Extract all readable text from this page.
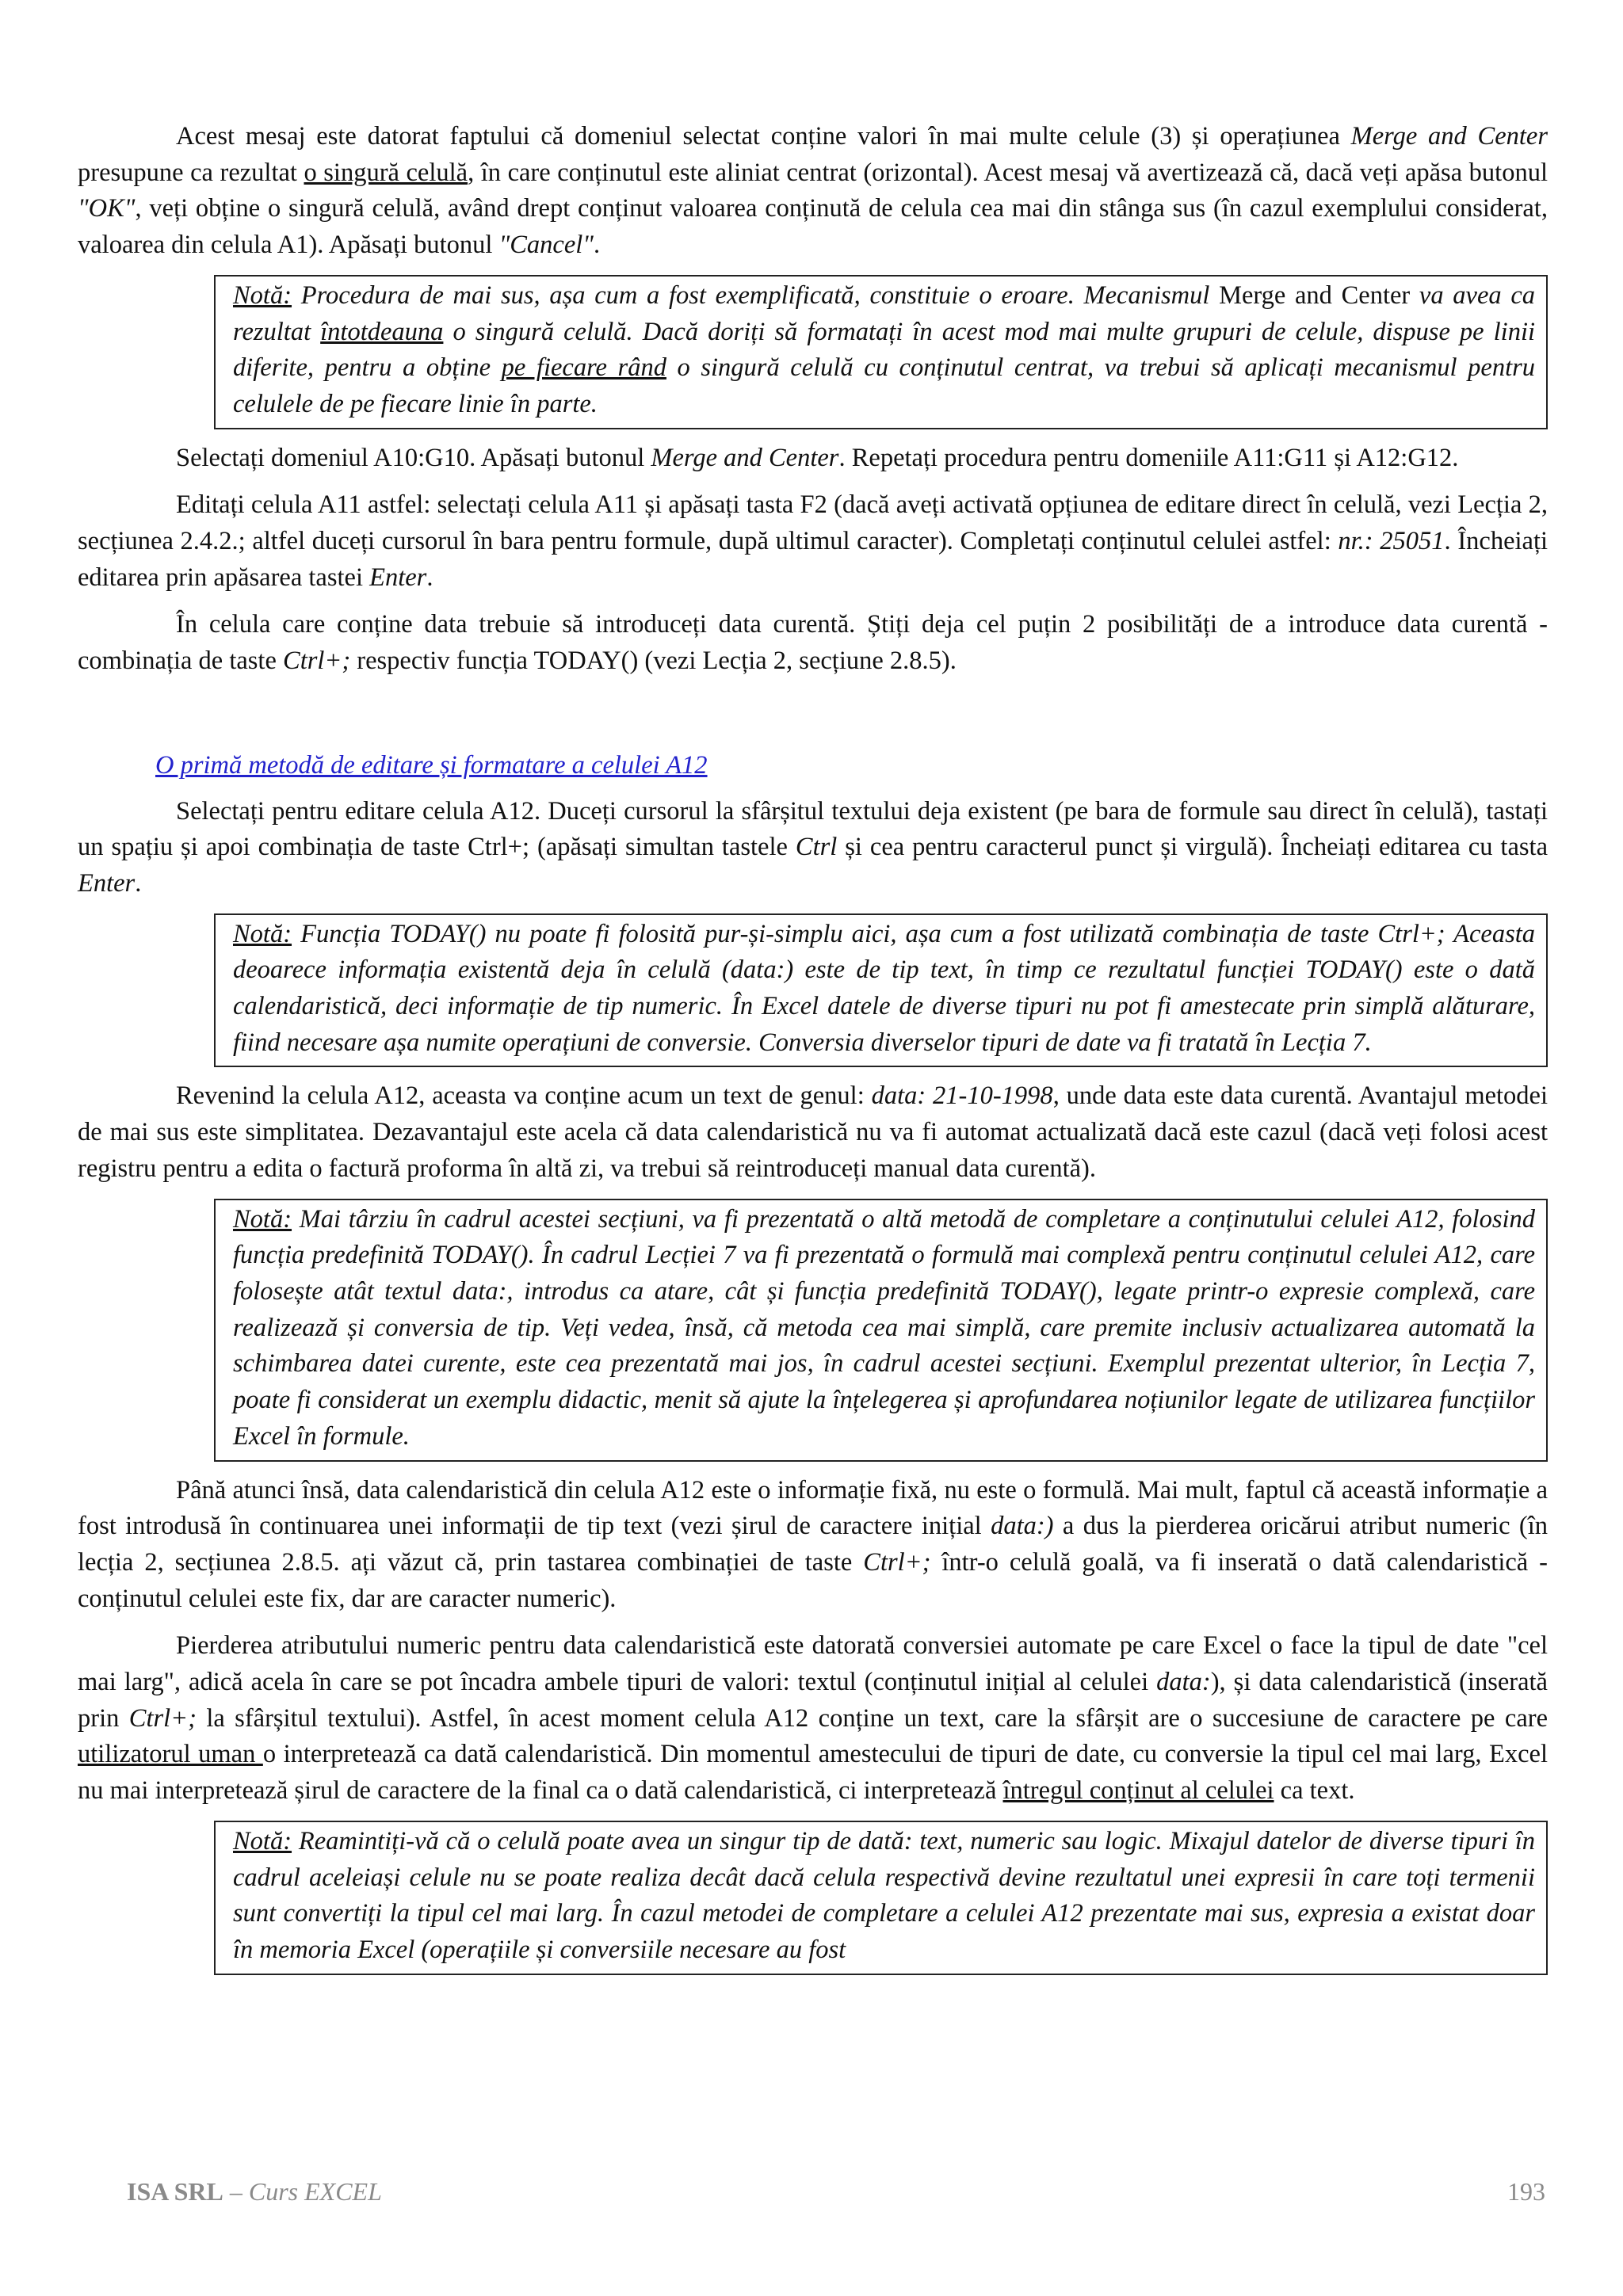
Acest mesaj este datorat faptului că domeniul selectat conține valori în mai multe celule (3) și operațiunea Merge and Center presupune ca rezultat o singură celulă, în care conținutul este aliniat centrat (orizontal). Acest mesaj vă avertizează că, dacă veți apăsa butonul "OK", veți obține o singură celulă, având drept conținut valoarea conținută de celula cea mai din stânga sus (în cazul exemplului considerat, valoarea din celula A1). Apăsați butonul "Cancel".

Notă: Procedura de mai sus, așa cum a fost exemplificată, constituie o eroare. Mecanismul Merge and Center va avea ca rezultat întotdeauna o singură celulă. Dacă doriți să formatați în acest mod mai multe grupuri de celule, dispuse pe linii diferite, pentru a obține pe fiecare rând o singură celulă cu conținutul centrat, va trebui să aplicați mecanismul pentru celulele de pe fiecare linie în parte.

Selectați domeniul A10:G10. Apăsați butonul Merge and Center. Repetați procedura pentru domeniile A11:G11 și A12:G12.

Editați celula A11 astfel: selectați celula A11 și apăsați tasta F2 (dacă aveți activată opțiunea de editare direct în celulă, vezi Lecția 2, secțiunea 2.4.2.; altfel duceți cursorul în bara pentru formule, după ultimul caracter). Completați conținutul celulei astfel: nr.: 25051. Încheiați editarea prin apăsarea tastei Enter.

În celula care conține data trebuie să introduceți data curentă. Știți deja cel puțin 2 posibilități de a introduce data curentă - combinația de taste Ctrl+; respectiv funcția TODAY() (vezi Lecția 2, secțiune 2.8.5).

O primă metodă de editare și formatare a celulei A12

Selectați pentru editare celula A12. Duceți cursorul la sfârșitul textului deja existent (pe bara de formule sau direct în celulă), tastați un spațiu și apoi combinația de taste Ctrl+; (apăsați simultan tastele Ctrl și cea pentru caracterul punct și virgulă). Încheiați editarea cu tasta Enter.

Notă: Funcția TODAY() nu poate fi folosită pur-și-simplu aici, așa cum a fost utilizată combinația de taste Ctrl+; Aceasta deoarece informația existentă deja în celulă (data:) este de tip text, în timp ce rezultatul funcției TODAY() este o dată calendaristică, deci informație de tip numeric. În Excel datele de diverse tipuri nu pot fi amestecate prin simplă alăturare, fiind necesare așa numite operațiuni de conversie. Conversia diverselor tipuri de date va fi tratată în Lecția 7.

Revenind la celula A12, aceasta va conține acum un text de genul: data: 21-10-1998, unde data este data curentă. Avantajul metodei de mai sus este simplitatea. Dezavantajul este acela că data calendaristică nu va fi automat actualizată dacă este cazul (dacă veți folosi acest registru pentru a edita o factură proforma în altă zi, va trebui să reintroduceți manual data curentă).

Notă: Mai târziu în cadrul acestei secțiuni, va fi prezentată o altă metodă de completare a conținutului celulei A12, folosind funcția predefinită TODAY(). În cadrul Lecției 7 va fi prezentată o formulă mai complexă pentru conținutul celulei A12, care folosește atât textul data:, introdus ca atare, cât și funcția predefinită TODAY(), legate printr-o expresie complexă, care realizează și conversia de tip. Veți vedea, însă, că metoda cea mai simplă, care premite inclusiv actualizarea automată la schimbarea datei curente, este cea prezentată mai jos, în cadrul acestei secțiuni. Exemplul prezentat ulterior, în Lecția 7, poate fi considerat un exemplu didactic, menit să ajute la înțelegerea și aprofundarea noțiunilor legate de utilizarea funcțiilor Excel în formule.

Până atunci însă, data calendaristică din celula A12 este o informație fixă, nu este o formulă. Mai mult, faptul că această informație a fost introdusă în continuarea unei informații de tip text (vezi șirul de caractere inițial data:) a dus la pierderea oricărui atribut numeric (în lecția 2, secțiunea 2.8.5. ați văzut că, prin tastarea combinației de taste Ctrl+; într-o celulă goală, va fi inserată o dată calendaristică - conținutul celulei este fix, dar are caracter numeric).

Pierderea atributului numeric pentru data calendaristică este datorată conversiei automate pe care Excel o face la tipul de date "cel mai larg", adică acela în care se pot încadra ambele tipuri de valori: textul (conținutul inițial al celulei data:), și data calendaristică (inserată prin Ctrl+; la sfârșitul textului). Astfel, în acest moment celula A12 conține un text, care la sfârșit are o succesiune de caractere pe care utilizatorul uman o interpretează ca dată calendaristică. Din momentul amestecului de tipuri de date, cu conversie la tipul cel mai larg, Excel nu mai interpretează șirul de caractere de la final ca o dată calendaristică, ci interpretează întregul conținut al celulei ca text.

Notă: Reamintiți-vă că o celulă poate avea un singur tip de dată: text, numeric sau logic. Mixajul datelor de diverse tipuri în cadrul aceleiași celule nu se poate realiza decât dacă celula respectivă devine rezultatul unei expresii în care toți termenii sunt convertiți la tipul cel mai larg. În cazul metodei de completare a celulei A12 prezentate mai sus, expresia a existat doar în memoria Excel (operațiile și conversiile necesare au fost
ISA SRL – Curs EXCEL	193
